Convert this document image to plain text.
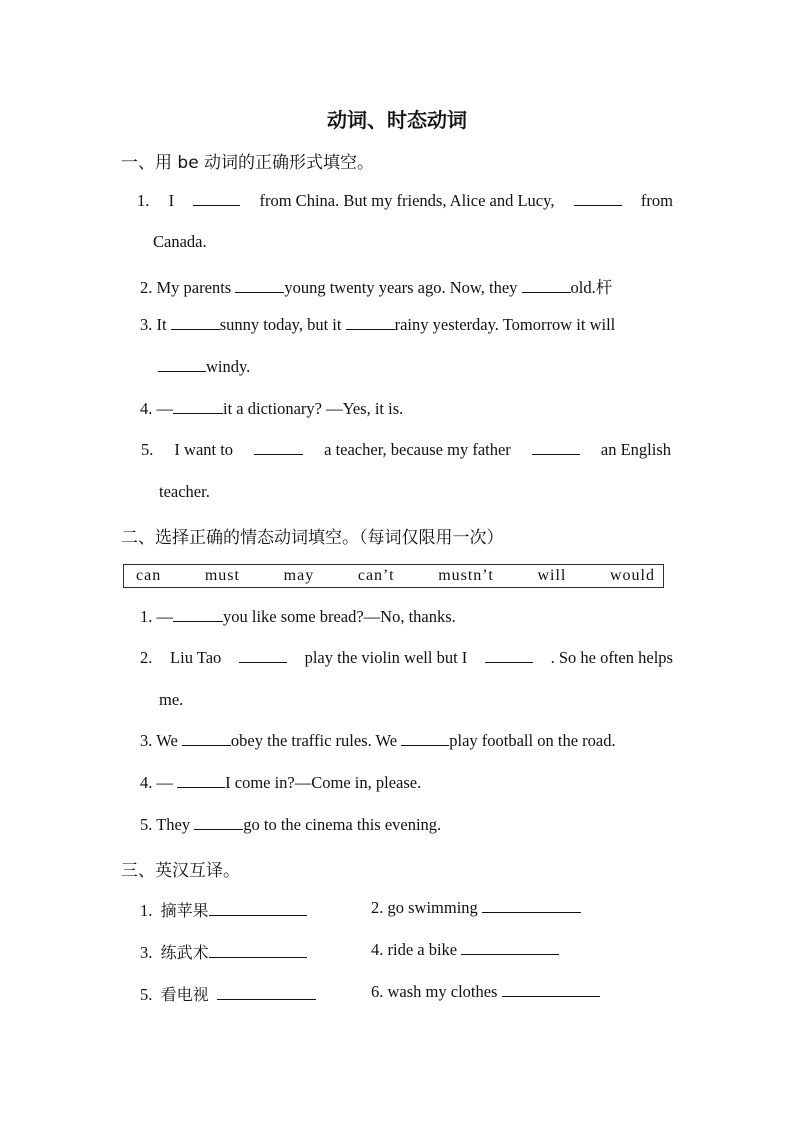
动词、时态动词
一、用 be 动词的正确形式填空。
1. I	from China. But my friends, Alice and Lucy,	from
Canada.
2. My parents	young twenty years ago. Now, they	old.杆
3. It	sunny today, but it	rainy yesterday. Tomorrow it will
windy.
4. —	it a dictionary? —Yes, it is.
5. I want to	a teacher, because my father	an English
teacher.
二、选择正确的情态动词填空。（每词仅限用一次）
can	must	may	can’t	mustn’t	will	would
1. —	you like some bread?—No, thanks.
2. Liu Tao	play the violin well but I	. So he often helps
me.
3. We	obey the traffic rules. We	play football on the road.
4. —	I come in?—Come in, please.
5. They	go to the cinema this evening.
三、英汉互译。
1. 摘苹果	2. go swimming
3. 练武术	4. ride a bike
5. 看电视	6. wash my clothes
